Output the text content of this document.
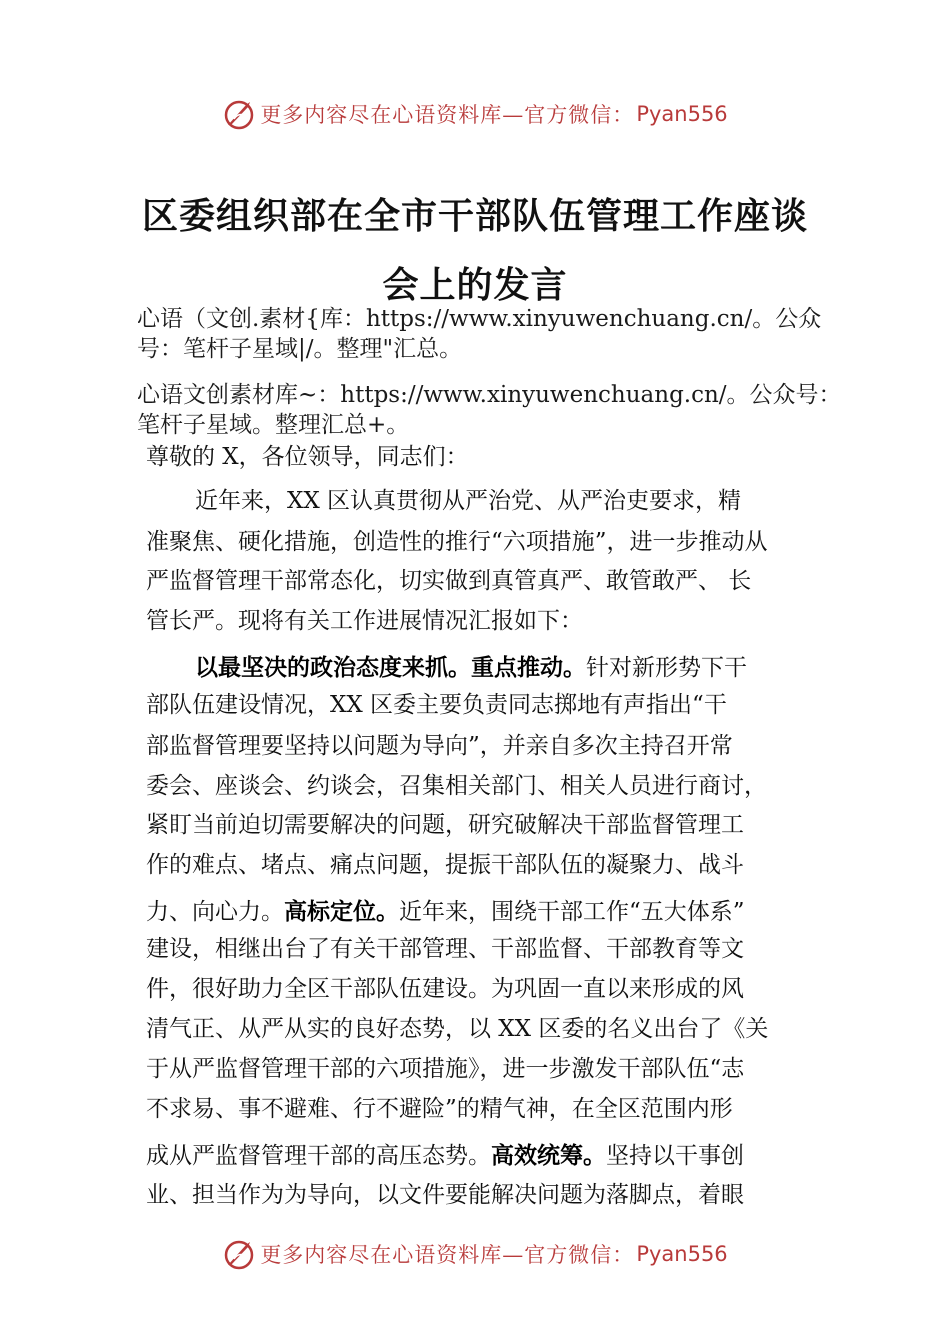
更多内容尽在心语资料库—官方微信： Pyan556
区委组织部在全市干部队伍管理工作座谈
会上的发言
心语（文创.素材{库：https://www.xinyuwenchuang.cn/。公众号：笔杆子星域|/。整理"汇总。
心语文创素材库~：https://www.xinyuwenchuang.cn/。公众号：笔杆子星域。整理汇总+。
尊敬的 X，各位领导，同志们：
近年来，XX 区认真贯彻从严治党、从严治吏要求，精
准聚焦、硬化措施，创造性的推行“六项措施”，进一步推动从
严监督管理干部常态化，切实做到真管真严、敢管敢严、 长
管长严。现将有关工作进展情况汇报如下：
以最坚决的政治态度来抓。重点推动。针对新形势下干
部队伍建设情况，XX 区委主要负责同志掷地有声指出“干
部监督管理要坚持以问题为导向”，并亲自多次主持召开常
委会、座谈会、约谈会，召集相关部门、相关人员进行商讨，
紧盯当前迫切需要解决的问题，研究破解决干部监督管理工
作的难点、堵点、痛点问题，提振干部队伍的凝聚力、战斗
力、向心力。高标定位。近年来，围绕干部工作“五大体系”
建设，相继出台了有关干部管理、干部监督、干部教育等文
件，很好助力全区干部队伍建设。为巩固一直以来形成的风
清气正、从严从实的良好态势，以 XX 区委的名义出台了《关
于从严监督管理干部的六项措施》，进一步激发干部队伍“志
不求易、事不避难、行不避险”的精气神，在全区范围内形
成从严监督管理干部的高压态势。高效统筹。坚持以干事创
业、担当作为为导向，以文件要能解决问题为落脚点，着眼
更多内容尽在心语资料库—官方微信： Pyan556
